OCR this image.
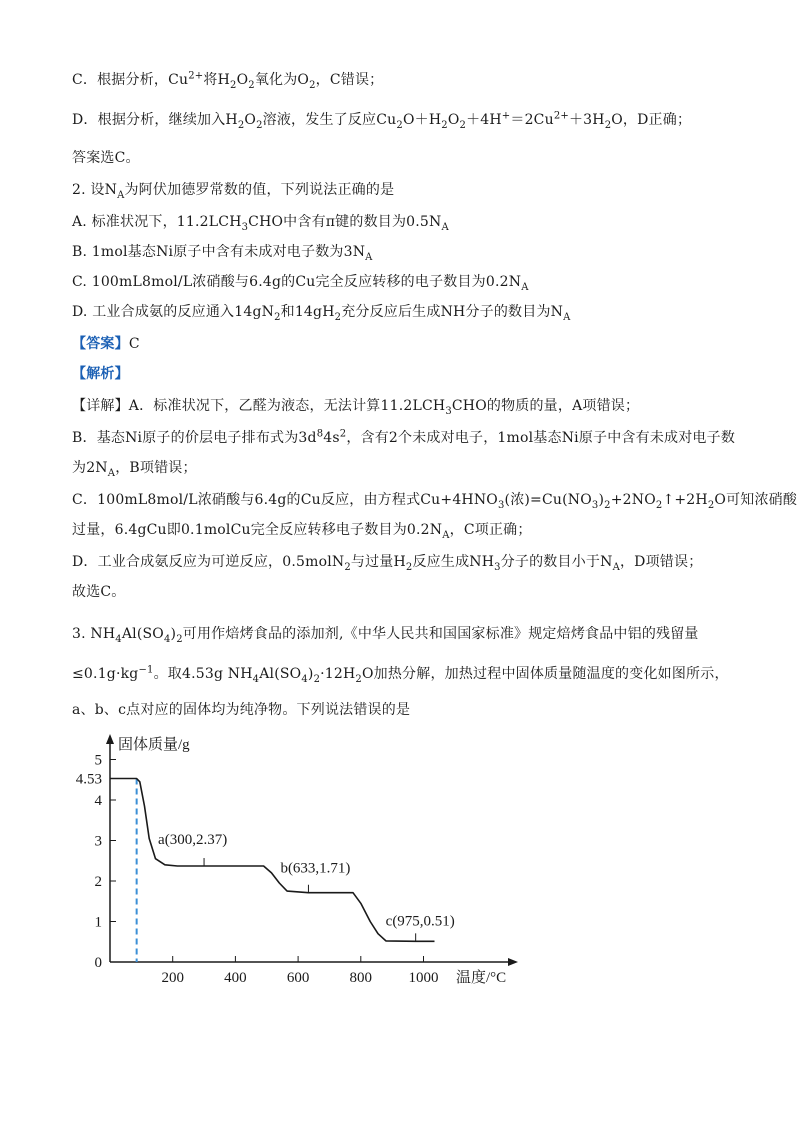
C．根据分析，$Cu^{2+}$将$H_2O_2$氧化为$O_2$，C错误；
D．根据分析，继续加入$H_2O_2$溶液，发生了反应$Cu_2O+H_2O_2+4H^+=2Cu^{2+}+3H_2O$，D正确；
答案选C。
2. 设$N_A$为阿伏加德罗常数的值，下列说法正确的是
A. 标准状况下，$11.2LCH_3CHO$中含有π键的数目为$0.5N_A$
B. 1mol基态Ni原子中含有未成对电子数为$3N_A$
C. 100mL8mol/L浓硝酸与6.4g的Cu完全反应转移的电子数目为$0.2N_A$
D. 工业合成氨的反应通入$14gN_2$和$14gH_2$充分反应后生成NH分子的数目为$N_A$
【答案】C
【解析】
【详解】A．标准状况下，乙醛为液态，无法计算$11.2LCH_3CHO$的物质的量，A项错误；
B．基态Ni原子的价层电子排布式为$3d^84s^2$，含有2个未成对电子，1mol基态Ni原子中含有未成对电子数
为$2N_A$，B项错误；
C．100mL8mol/L浓硝酸与6.4g的Cu反应，由方程式$Cu+4HNO_3$(浓)$=Cu(NO_3)_2+2NO_2↑+2H_2O$可知浓硝酸
过量，6.4gCu即0.1molCu完全反应转移电子数目为$0.2N_A$，C项正确；
D．工业合成氨反应为可逆反应，0.5molN$_2$与过量$H_2$反应生成$NH_3$分子的数目小于$N_A$，D项错误；
故选C。
3. $NH_4Al(SO_4)_2$可用作焙烤食品的添加剂,《中华人民共和国国家标准》规定焙烤食品中铝的残留量
$\le 0.1g\cdot kg^{-1}$。取4.53g $NH_4Al(SO_4)_2\cdot 12H_2O$加热分解，加热过程中固体质量随温度的变化如图所示，
a、b、c点对应的固体均为纯净物。下列说法错误的是
固体质量/g
温度/°C
0
1
2
3
4
5
4.53
200	400	600	800 1000
a(300,2.37)
b(633,1.71)
c(975,0.51)
